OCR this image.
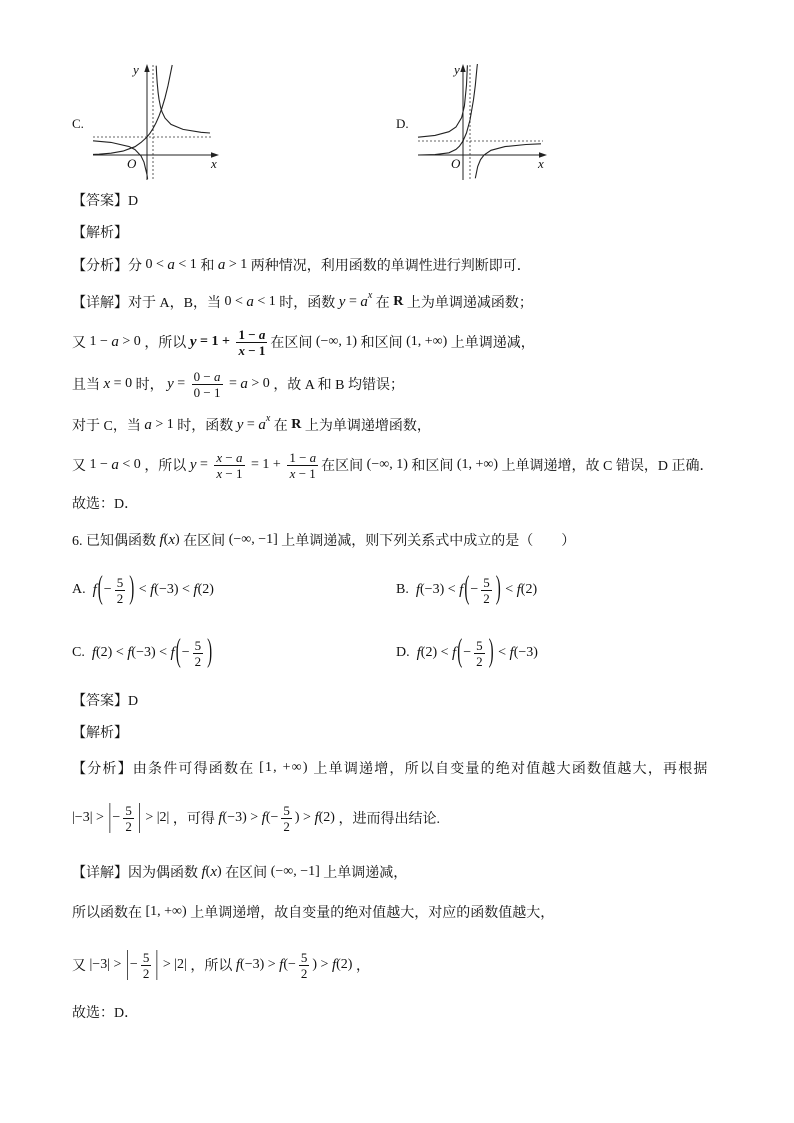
C.
y
x
O
D.
y
x
O
【答案】D
【解析】
【分析】分 0 < a < 1 和 a > 1 两种情况，利用函数的单调性进行判断即可．
【详解】对于 A，B，当 0 < a < 1 时，函数 y = a x
在 R 上为单调递减函数；
又 1 − a > 0 ，所以 $y = 1 + \frac{1 - a}{x - 1}$ 在区间 (−∞, 1) 和区间 (1, +∞) 上单调递减，
且当 x = 0 时， $y = \frac{0 - a}{0 - 1} = a > 0$ ，故 A 和 B 均错误；
对于 C，当 a > 1 时，函数 y = a x
在 R 上为单调递增函数，
又 1 − a < 0 ，所以 $y = \frac{x - a}{x - 1} = 1 + \frac{1 - a}{x - 1}$ 在区间 (−∞, 1) 和区间 (1, +∞) 上单调递增，故 C 错误，D 正确．
故选：D．
6. 已知偶函数 f ( x ) 在区间 (−∞, −1] 上单调递减，则下列关系式中成立的是（　　）
A. f ( − $\frac{5}{2}$ ) < f (−3) < f (2)	B. f (−3) < f ( − $\frac{5}{2}$ ) < f (2)
C. f (2) < f (−3) < f ( − $\frac{5}{2}$ )	D. f (2) < f ( − $\frac{5}{2}$ ) < f (−3)
【答案】D
【解析】
【分析】由条件可得函数在 [1, +∞) 上单调递增，所以自变量的绝对值越大函数值越大，再根据
|−3| > | − $\frac{5}{2}$ | > |2| ，可得 f (−3) > f (− $\frac{5}{2}$ ) > f (2) ，进而得出结论.
【详解】因为偶函数 f ( x ) 在区间 (−∞, −1] 上单调递减，
所以函数在 [1, +∞) 上单调递增，故自变量的绝对值越大，对应的函数值越大，
又 |−3| > | − $\frac{5}{2}$ | > |2| ，所以 f (−3) > f (− $\frac{5}{2}$ ) > f (2) ，
故选：D．
